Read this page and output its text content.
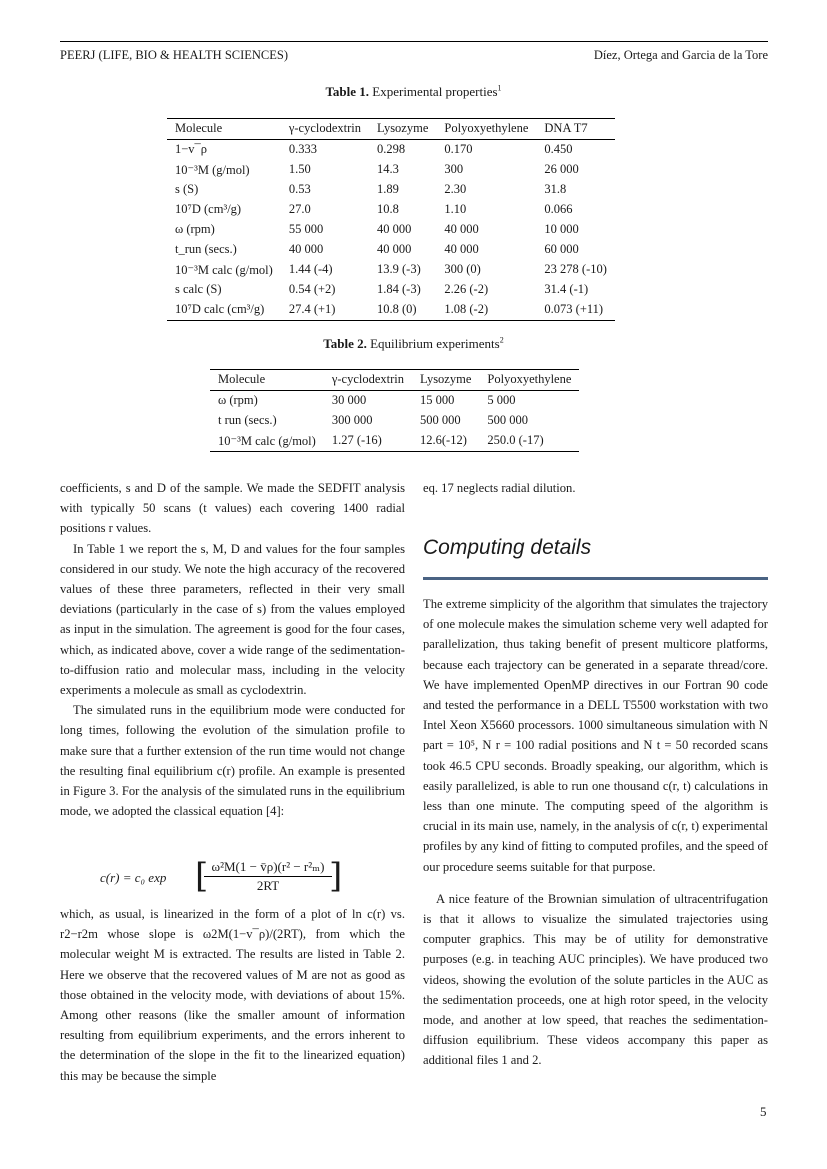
PEERJ (LIFE, BIO & HEALTH SCIENCES)	Díez, Ortega and Garcia de la Tore
Table 1. Experimental properties$^1$
Molecule	γ-cyclodextrin	Lysozyme	Polyoxyethylene	DNA T7
1−v¯ρ	0.333	0.298	0.170	0.450
10⁻³M (g/mol)	1.50	14.3	300	26 000
s (S)	0.53	1.89	2.30	31.8
10⁷D (cm³/g)	27.0	10.8	1.10	0.066
ω (rpm)	55 000	40 000	40 000	10 000
t_run (secs.)	40 000	40 000	40 000	60 000
10⁻³M calc (g/mol)	1.44 (-4)	13.9 (-3)	300 (0)	23 278 (-10)
s calc (S)	0.54 (+2)	1.84 (-3)	2.26 (-2)	31.4 (-1)
10⁷D calc (cm³/g)	27.4 (+1)	10.8 (0)	1.08 (-2)	0.073 (+11)
Table 2. Equilibrium experiments$^2$
Molecule	γ-cyclodextrin	Lysozyme	Polyoxyethylene
ω (rpm)	30 000	15 000	5 000
t run (secs.)	300 000	500 000	500 000
10⁻³M calc (g/mol)	1.27 (-16)	12.6(-12)	250.0 (-17)

coefficients, s and D of the sample. We made the SEDFIT analysis with typically 50 scans (t values) each covering 1400 radial positions r values.

In Table 1 we report the s, M, D and values for the four samples considered in our study. We note the high accuracy of the recovered values of these three parameters, reflected in their very small deviations (particularly in the case of s) from the values employed as input in the simulation. The agreement is good for the four cases, which, as indicated above, cover a wide range of the sedimentation-to-diffusion ratio and molecular mass, including in the velocity experiments a molecule as small as cyclodextrin.

The simulated runs in the equilibrium mode were conducted for long times, following the evolution of the simulation profile to make sure that a further extension of the run time would not change the resulting final equilibrium c(r) profile. An example is presented in Figure 3. For the analysis of the simulated runs in the equilibrium mode, we adopted the classical equation [4]:

c(r) = c₀ exp [
$\frac{\text{ω²M(1 − v̄ρ)(r² − r²ₘ)}}{2RT}$
]

which, as usual, is linearized in the form of a plot of ln c(r) vs. r2−r2m whose slope is ω2M(1−v¯ρ)/(2RT), from which the molecular weight M is extracted. The results are listed in Table 2. Here we observe that the recovered values of M are not as good as those obtained in the velocity mode, with deviations of about 15%. Among other reasons (like the smaller amount of information resulting from equilibrium experiments, and the errors inherent to the determination of the slope in the fit to the linearized equation) this may be because the simple

eq. 17 neglects radial dilution.

Computing details

The extreme simplicity of the algorithm that simulates the trajectory of one molecule makes the simulation scheme very well adapted for parallelization, thus taking benefit of present multicore platforms, because each trajectory can be generated in a separate thread/core. We have implemented OpenMP directives in our Fortran 90 code and tested the performance in a DELL T5500 workstation with two Intel Xeon X5660 processors. 1000 simultaneous simulation with N part = 10⁵, N r = 100 radial positions and N t = 50 recorded scans took 46.5 CPU seconds. Broadly speaking, our algorithm, which is easily parallelized, is able to run one thousand c(r, t) calculations in less than one minute. The computing speed of the algorithm is crucial in its main use, namely, in the analysis of c(r, t) experimental profiles by any kind of fitting to computed profiles, and the speed of our procedure seems suitable for that purpose.

A nice feature of the Brownian simulation of ultracentrifugation is that it allows to visualize the simulated trajectories using computer graphics. This may be of utility for demonstrative purposes (e.g. in teaching AUC principles). We have produced two videos, showing the evolution of the solute particles in the AUC as the sedimentation proceeds, one at high rotor speed, in the velocity mode, and another at low speed, that reaches the sedimentation-diffusion equilibrium. These videos accompany this paper as additional files 1 and 2.

5
